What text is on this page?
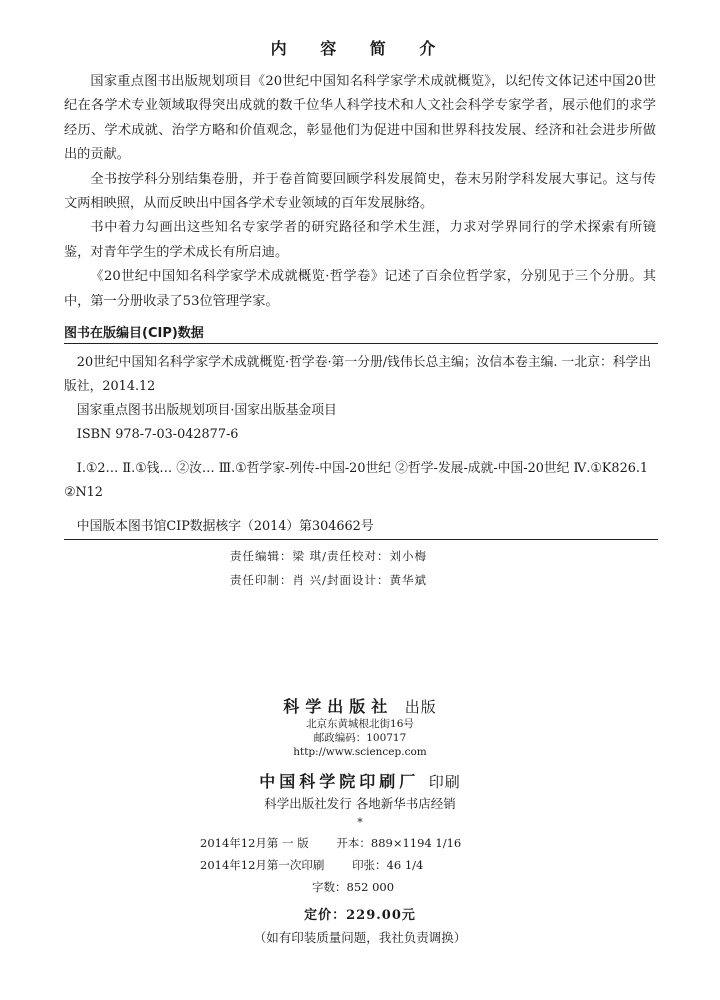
内 容 简 介

国家重点图书出版规划项目《20世纪中国知名科学家学术成就概览》，以纪传文体记述中国20世纪在各学术专业领域取得突出成就的数千位华人科学技术和人文社会科学专家学者，展示他们的求学经历、学术成就、治学方略和价值观念，彰显他们为促进中国和世界科技发展、经济和社会进步所做出的贡献。

全书按学科分别结集卷册，并于卷首简要回顾学科发展简史，卷末另附学科发展大事记。这与传文两相映照，从而反映出中国各学术专业领域的百年发展脉络。

书中着力勾画出这些知名专家学者的研究路径和学术生涯，力求对学界同行的学术探索有所镜鉴，对青年学生的学术成长有所启迪。

《20世纪中国知名科学家学术成就概览·哲学卷》记述了百余位哲学家，分别见于三个分册。其中，第一分册收录了53位管理学家。

图书在版编目(CIP)数据

20世纪中国知名科学家学术成就概览·哲学卷·第一分册/钱伟长总主编；汝信本卷主编. 一北京：科学出版社，2014.12

国家重点图书出版规划项目·国家出版基金项目

ISBN 978-7-03-042877-6

Ⅰ.①2… Ⅱ.①钱… ②汝… Ⅲ.①哲学家-列传-中国-20世纪 ②哲学-发展-成就-中国-20世纪 Ⅳ.①K826.1 ②N12

中国版本图书馆CIP数据核字（2014）第304662号

责任编辑：梁 琪/责任校对：刘小梅
责任印制：肖 兴/封面设计：黄华斌
科学出版社 出版
北京东黄城根北街16号
邮政编码：100717
http://www.sciencep.com
中国科学院印刷厂 印刷
科学出版社发行 各地新华书店经销
*
2014年12月第 一 版 开本：889×1194 1/16
2014年12月第一次印刷 印张：46 1/4
字数：852 000
定价：229.00元
（如有印装质量问题，我社负责调换）
